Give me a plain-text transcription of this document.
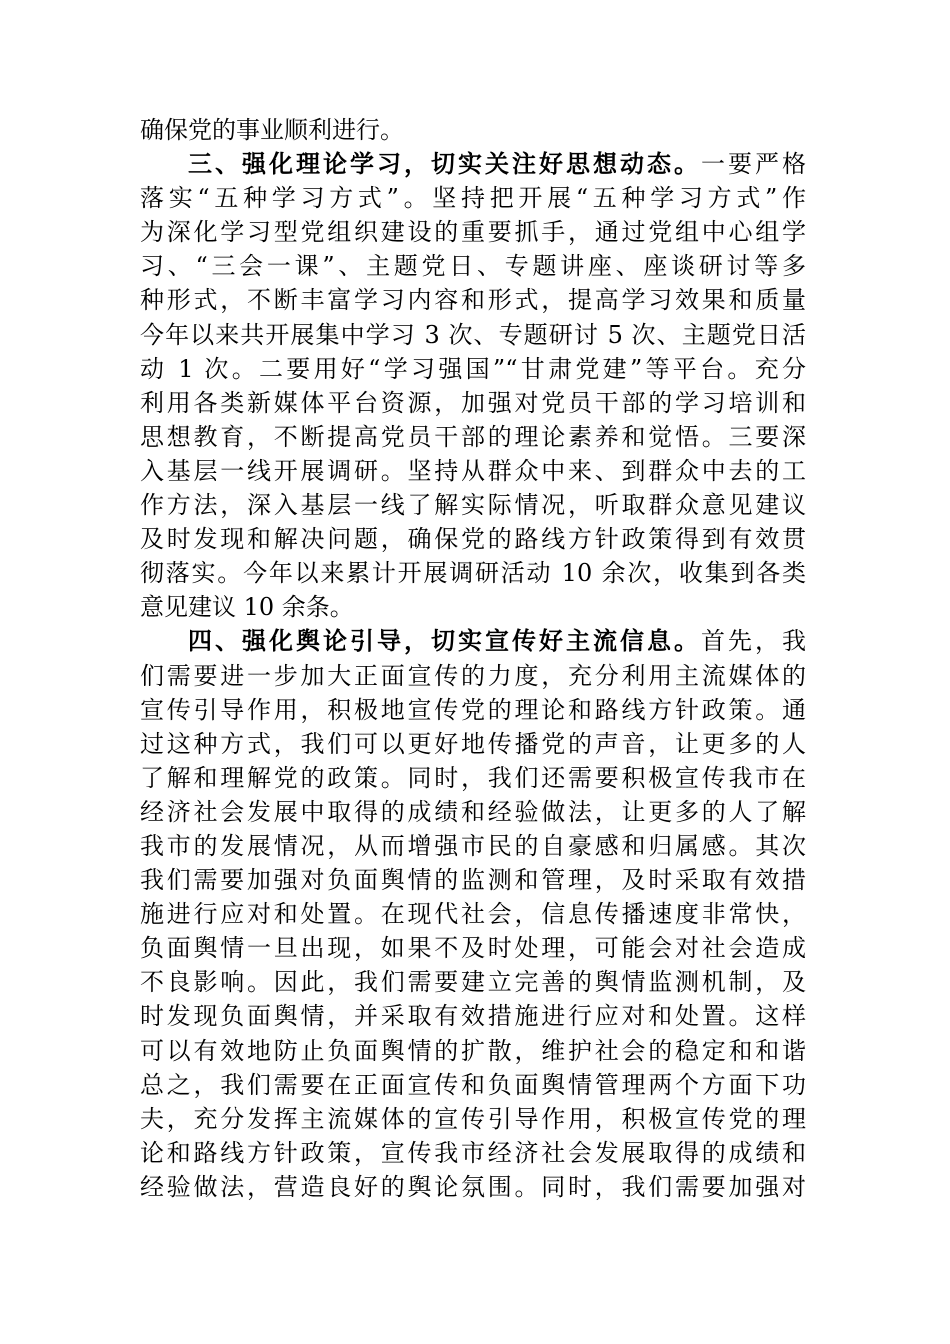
确保党的事业顺利进行。
三、强化理论学习，切实关注好思想动态。一要严格
落实“五种学习方式”。坚持把开展“五种学习方式”作
为深化学习型党组织建设的重要抓手，通过党组中心组学
习、“三会一课”、主题党日、专题讲座、座谈研讨等多
种形式，不断丰富学习内容和形式，提高学习效果和质量
今年以来共开展集中学习 3 次、专题研讨 5 次、主题党日活
动 1 次。二要用好“学习强国”“甘肃党建”等平台。充分
利用各类新媒体平台资源，加强对党员干部的学习培训和
思想教育，不断提高党员干部的理论素养和觉悟。三要深
入基层一线开展调研。坚持从群众中来、到群众中去的工
作方法，深入基层一线了解实际情况，听取群众意见建议
及时发现和解决问题，确保党的路线方针政策得到有效贯
彻落实。今年以来累计开展调研活动 10 余次，收集到各类
意见建议 10 余条。
四、强化舆论引导，切实宣传好主流信息。首先，我
们需要进一步加大正面宣传的力度，充分利用主流媒体的
宣传引导作用，积极地宣传党的理论和路线方针政策。通
过这种方式，我们可以更好地传播党的声音，让更多的人
了解和理解党的政策。同时，我们还需要积极宣传我市在
经济社会发展中取得的成绩和经验做法，让更多的人了解
我市的发展情况，从而增强市民的自豪感和归属感。其次
我们需要加强对负面舆情的监测和管理，及时采取有效措
施进行应对和处置。在现代社会，信息传播速度非常快，
负面舆情一旦出现，如果不及时处理，可能会对社会造成
不良影响。因此，我们需要建立完善的舆情监测机制，及
时发现负面舆情，并采取有效措施进行应对和处置。这样
可以有效地防止负面舆情的扩散，维护社会的稳定和和谐
总之，我们需要在正面宣传和负面舆情管理两个方面下功
夫，充分发挥主流媒体的宣传引导作用，积极宣传党的理
论和路线方针政策，宣传我市经济社会发展取得的成绩和
经验做法，营造良好的舆论氛围。同时，我们需要加强对
